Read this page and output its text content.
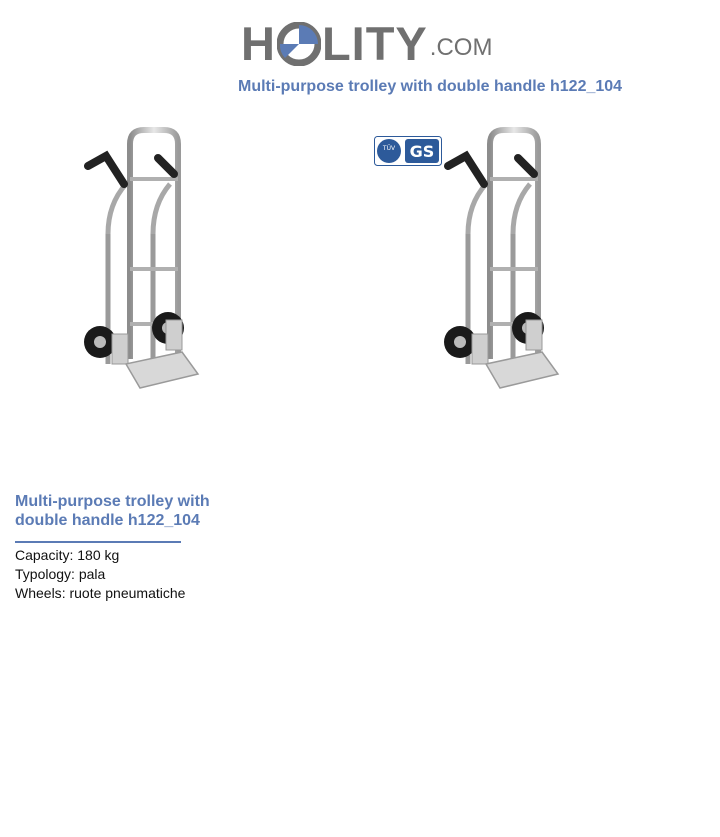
H LITY .COM
Multi-purpose trolley with double handle h122_104
TÜV GS
Multi-purpose trolley with double handle h122_104
Capacity: 180 kg
Typology: pala
Wheels: ruote pneumatiche
